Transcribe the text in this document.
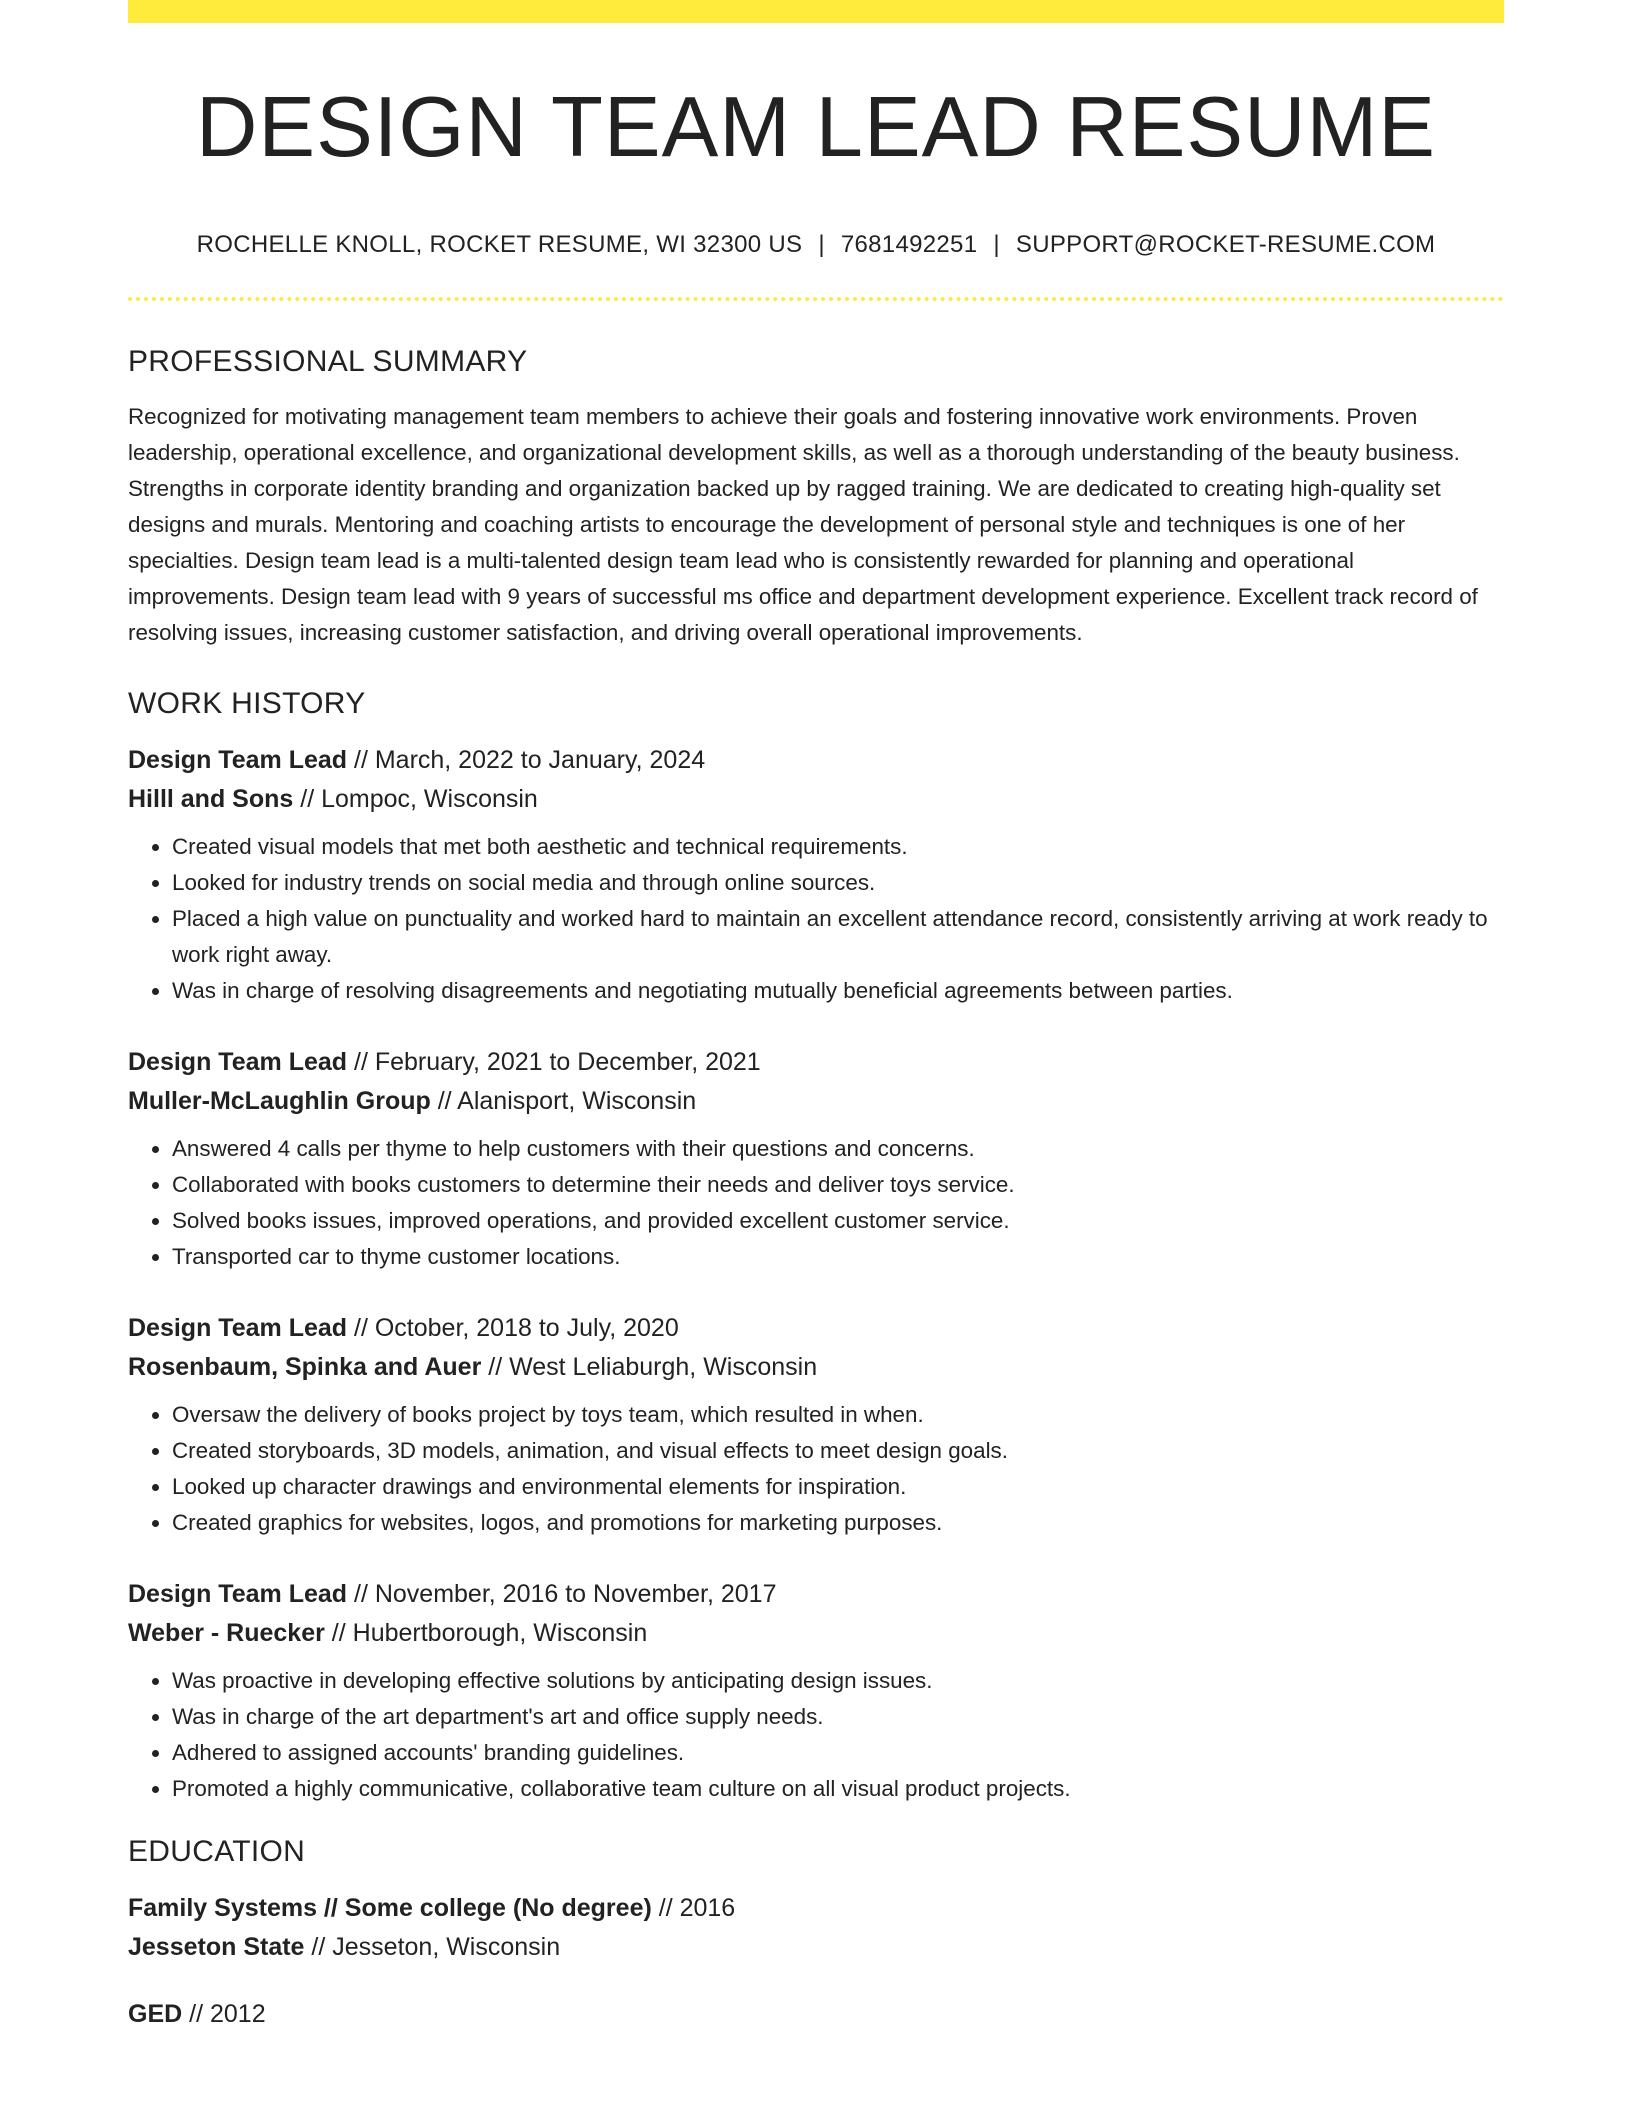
DESIGN TEAM LEAD RESUME
ROCHELLE KNOLL, ROCKET RESUME, WI 32300 US | 7681492251 | SUPPORT@ROCKET-RESUME.COM
PROFESSIONAL SUMMARY
Recognized for motivating management team members to achieve their goals and fostering innovative work environments. Proven leadership, operational excellence, and organizational development skills, as well as a thorough understanding of the beauty business. Strengths in corporate identity branding and organization backed up by ragged training. We are dedicated to creating high-quality set designs and murals. Mentoring and coaching artists to encourage the development of personal style and techniques is one of her specialties. Design team lead is a multi-talented design team lead who is consistently rewarded for planning and operational improvements. Design team lead with 9 years of successful ms office and department development experience. Excellent track record of resolving issues, increasing customer satisfaction, and driving overall operational improvements.
WORK HISTORY
Design Team Lead // March, 2022 to January, 2024
Hilll and Sons // Lompoc, Wisconsin
• Created visual models that met both aesthetic and technical requirements.
• Looked for industry trends on social media and through online sources.
• Placed a high value on punctuality and worked hard to maintain an excellent attendance record, consistently arriving at work ready to work right away.
• Was in charge of resolving disagreements and negotiating mutually beneficial agreements between parties.
Design Team Lead // February, 2021 to December, 2021
Muller-McLaughlin Group // Alanisport, Wisconsin
• Answered 4 calls per thyme to help customers with their questions and concerns.
• Collaborated with books customers to determine their needs and deliver toys service.
• Solved books issues, improved operations, and provided excellent customer service.
• Transported car to thyme customer locations.
Design Team Lead // October, 2018 to July, 2020
Rosenbaum, Spinka and Auer // West Leliaburgh, Wisconsin
• Oversaw the delivery of books project by toys team, which resulted in when.
• Created storyboards, 3D models, animation, and visual effects to meet design goals.
• Looked up character drawings and environmental elements for inspiration.
• Created graphics for websites, logos, and promotions for marketing purposes.
Design Team Lead // November, 2016 to November, 2017
Weber - Ruecker // Hubertborough, Wisconsin
• Was proactive in developing effective solutions by anticipating design issues.
• Was in charge of the art department's art and office supply needs.
• Adhered to assigned accounts' branding guidelines.
• Promoted a highly communicative, collaborative team culture on all visual product projects.
EDUCATION
Family Systems // Some college (No degree) // 2016
Jesseton State // Jesseton, Wisconsin
GED // 2012
